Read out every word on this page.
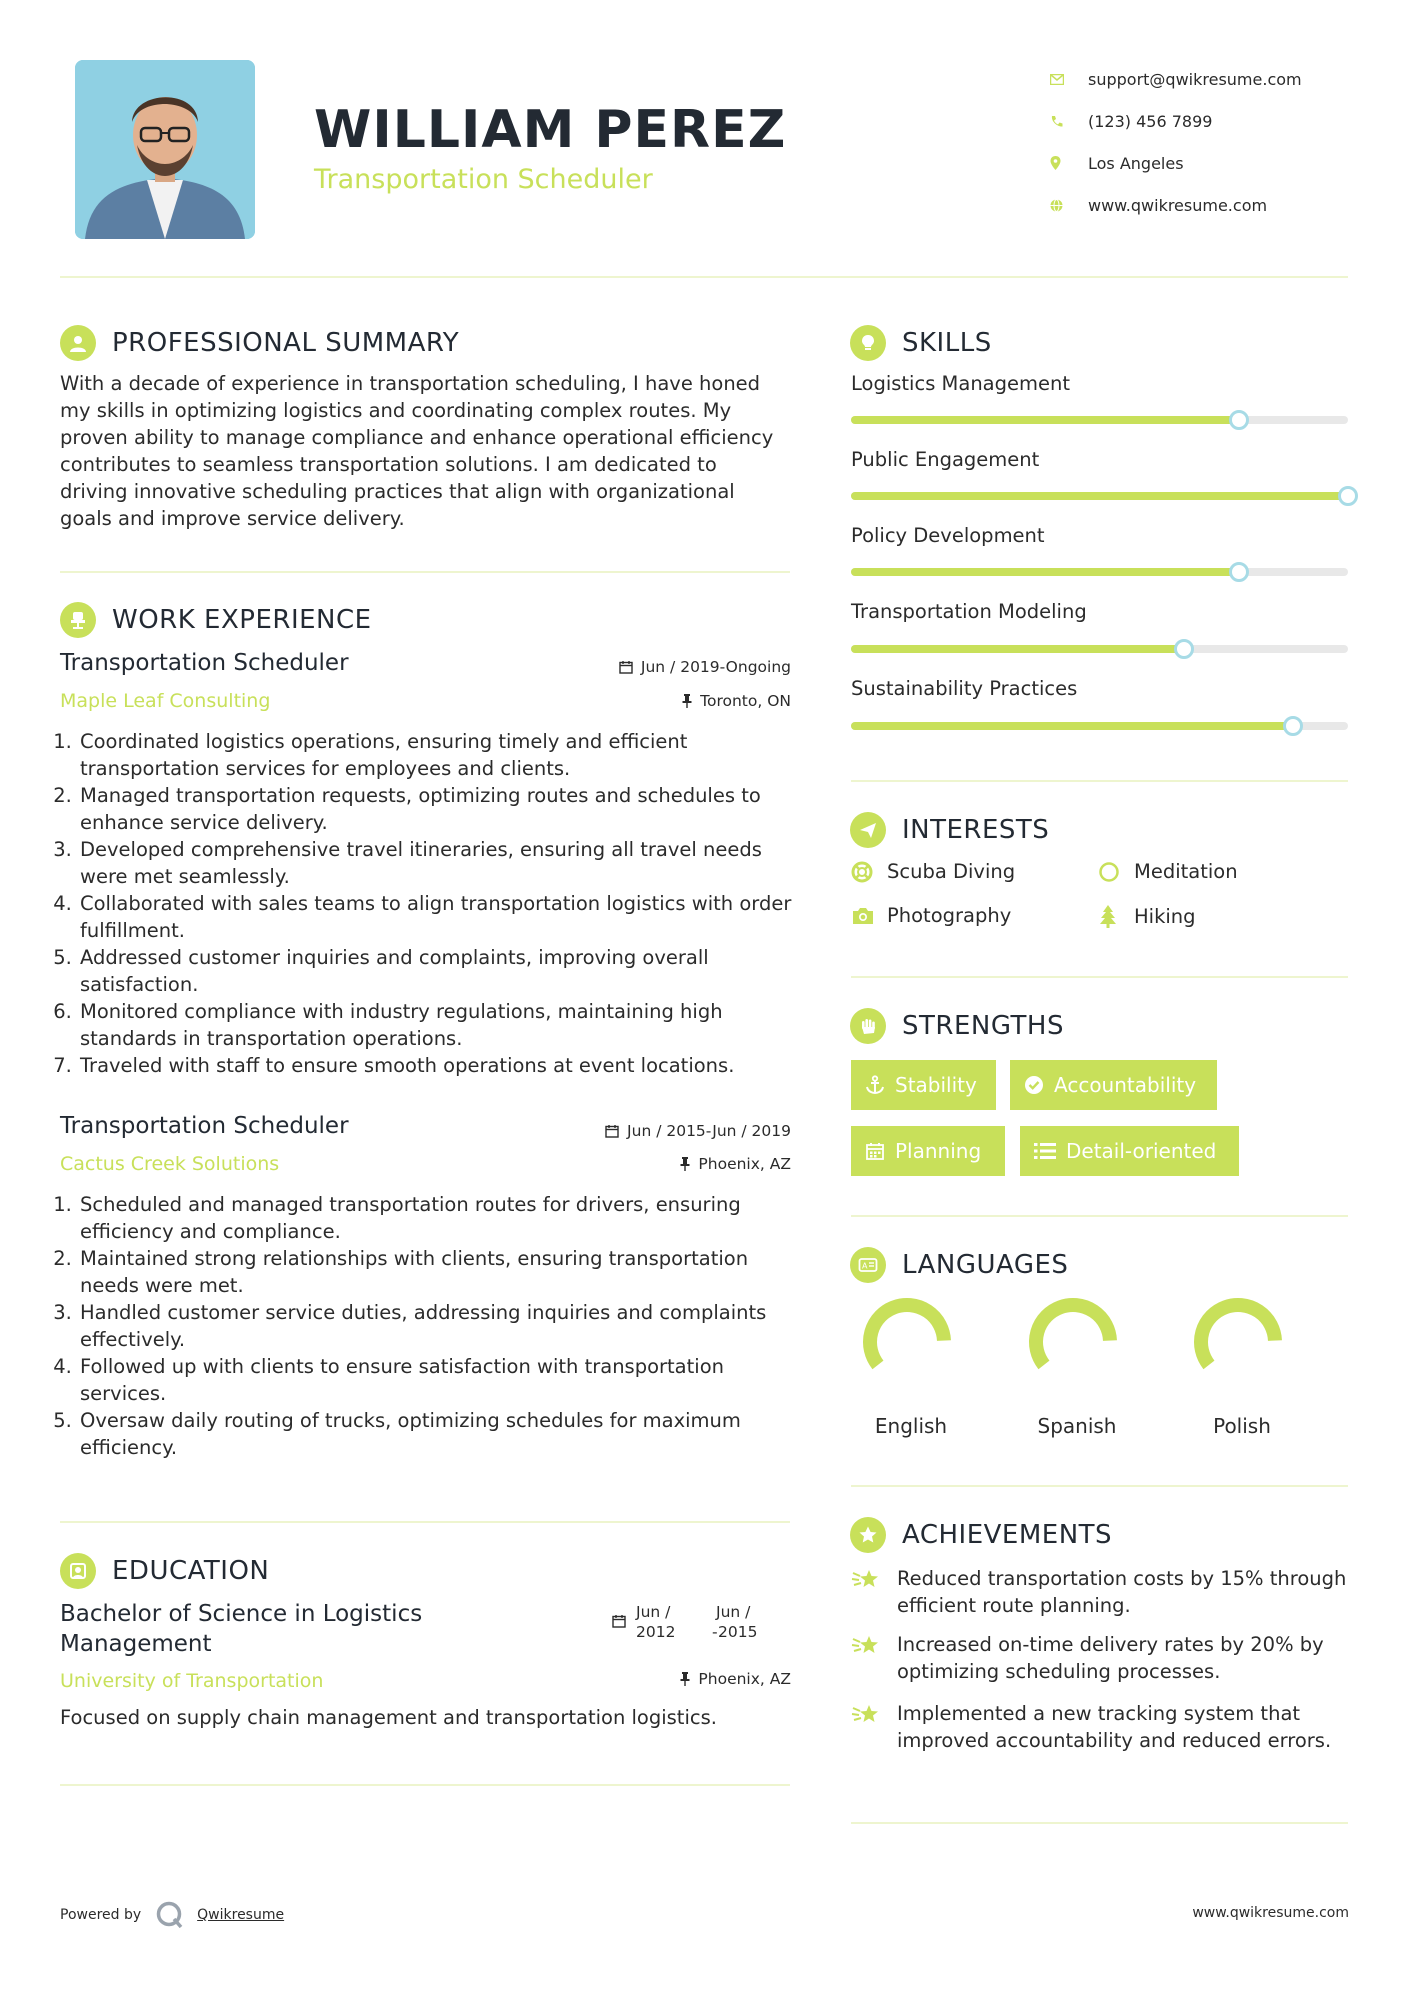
WILLIAM PEREZ
Transportation Scheduler
support@qwikresume.com
(123) 456 7899
Los Angeles
www.qwikresume.com
PROFESSIONAL SUMMARY
With a decade of experience in transportation scheduling, I have honed my skills in optimizing logistics and coordinating complex routes. My proven ability to manage compliance and enhance operational efficiency contributes to seamless transportation solutions. I am dedicated to driving innovative scheduling practices that align with organizational goals and improve service delivery.
WORK EXPERIENCE
Transportation Scheduler
Maple Leaf Consulting
Jun / 2019-Ongoing
Toronto, ON
1. Coordinated logistics operations, ensuring timely and efficient transportation services for employees and clients.
2. Managed transportation requests, optimizing routes and schedules to enhance service delivery.
3. Developed comprehensive travel itineraries, ensuring all travel needs were met seamlessly.
4. Collaborated with sales teams to align transportation logistics with order fulfillment.
5. Addressed customer inquiries and complaints, improving overall satisfaction.
6. Monitored compliance with industry regulations, maintaining high standards in transportation operations.
7. Traveled with staff to ensure smooth operations at event locations.
Transportation Scheduler
Cactus Creek Solutions
Jun / 2015-Jun / 2019
Phoenix, AZ
1. Scheduled and managed transportation routes for drivers, ensuring efficiency and compliance.
2. Maintained strong relationships with clients, ensuring transportation needs were met.
3. Handled customer service duties, addressing inquiries and complaints effectively.
4. Followed up with clients to ensure satisfaction with transportation services.
5. Oversaw daily routing of trucks, optimizing schedules for maximum efficiency.
EDUCATION
Bachelor of Science in Logistics Management
University of Transportation
Jun /
2012
Jun /
- 2015
Phoenix, AZ
Focused on supply chain management and transportation logistics.
SKILLS
Logistics Management
Public Engagement
Policy Development
Transportation Modeling
Sustainability Practices
INTERESTS
Scuba Diving	Meditation
Photography	Hiking
STRENGTHS
Stability	Accountability
Planning	Detail-oriented
A LANGUAGES
English	Spanish	Polish
ACHIEVEMENTS
Reduced transportation costs by 15% through efficient route planning.
Increased on-time delivery rates by 20% by optimizing scheduling processes.
Implemented a new tracking system that improved accountability and reduced errors.
Powered by	Qwikresume	www.qwikresume.com
